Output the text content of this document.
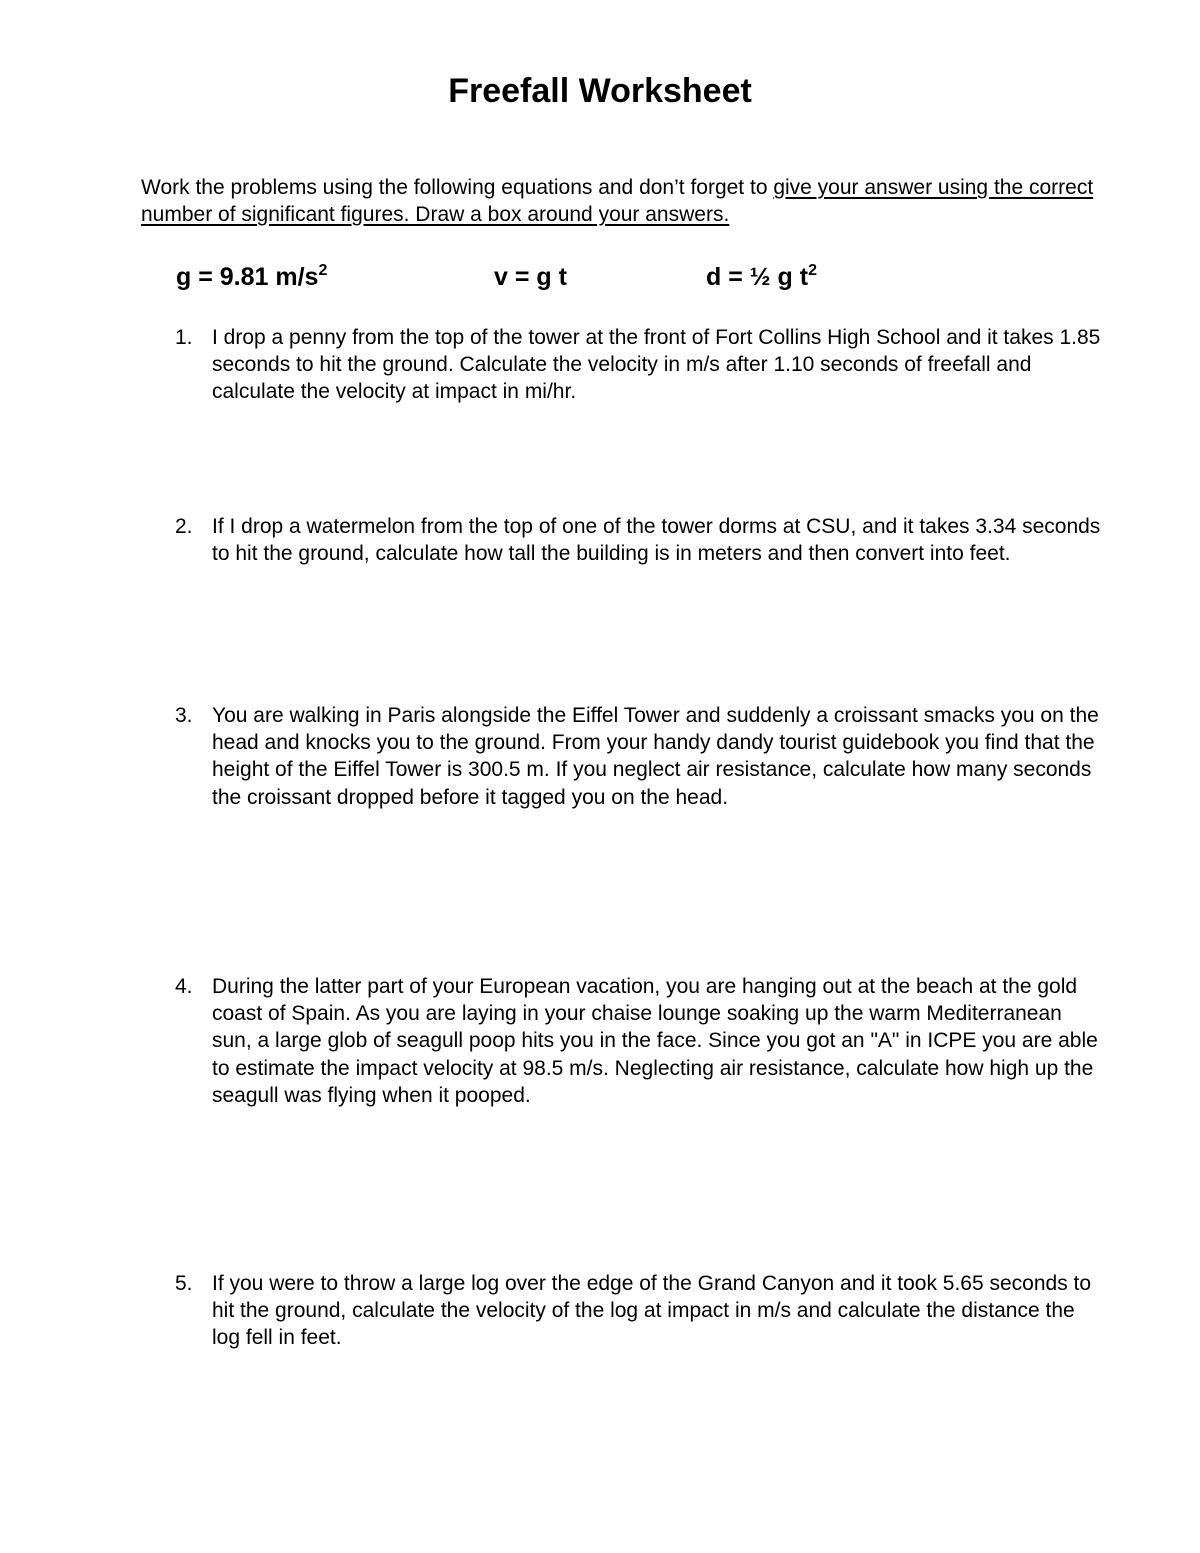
Freefall Worksheet
Work the problems using the following equations and don’t forget to give your answer using the correct number of significant figures. Draw a box around your answers.
g = 9.81 $m/s^2$	v = g t	d = ½ g $t^2$
1. I drop a penny from the top of the tower at the front of Fort Collins High School and it takes 1.85 seconds to hit the ground. Calculate the velocity in m/s after 1.10 seconds of freefall and calculate the velocity at impact in mi/hr.
2. If I drop a watermelon from the top of one of the tower dorms at CSU, and it takes 3.34 seconds to hit the ground, calculate how tall the building is in meters and then convert into feet.
3. You are walking in Paris alongside the Eiffel Tower and suddenly a croissant smacks you on the head and knocks you to the ground. From your handy dandy tourist guidebook you find that the height of the Eiffel Tower is 300.5 m. If you neglect air resistance, calculate how many seconds the croissant dropped before it tagged you on the head.
4. During the latter part of your European vacation, you are hanging out at the beach at the gold coast of Spain. As you are laying in your chaise lounge soaking up the warm Mediterranean sun, a large glob of seagull poop hits you in the face. Since you got an "A" in ICPE you are able to estimate the impact velocity at 98.5 m/s. Neglecting air resistance, calculate how high up the seagull was flying when it pooped.
5. If you were to throw a large log over the edge of the Grand Canyon and it took 5.65 seconds to hit the ground, calculate the velocity of the log at impact in m/s and calculate the distance the log fell in feet.
